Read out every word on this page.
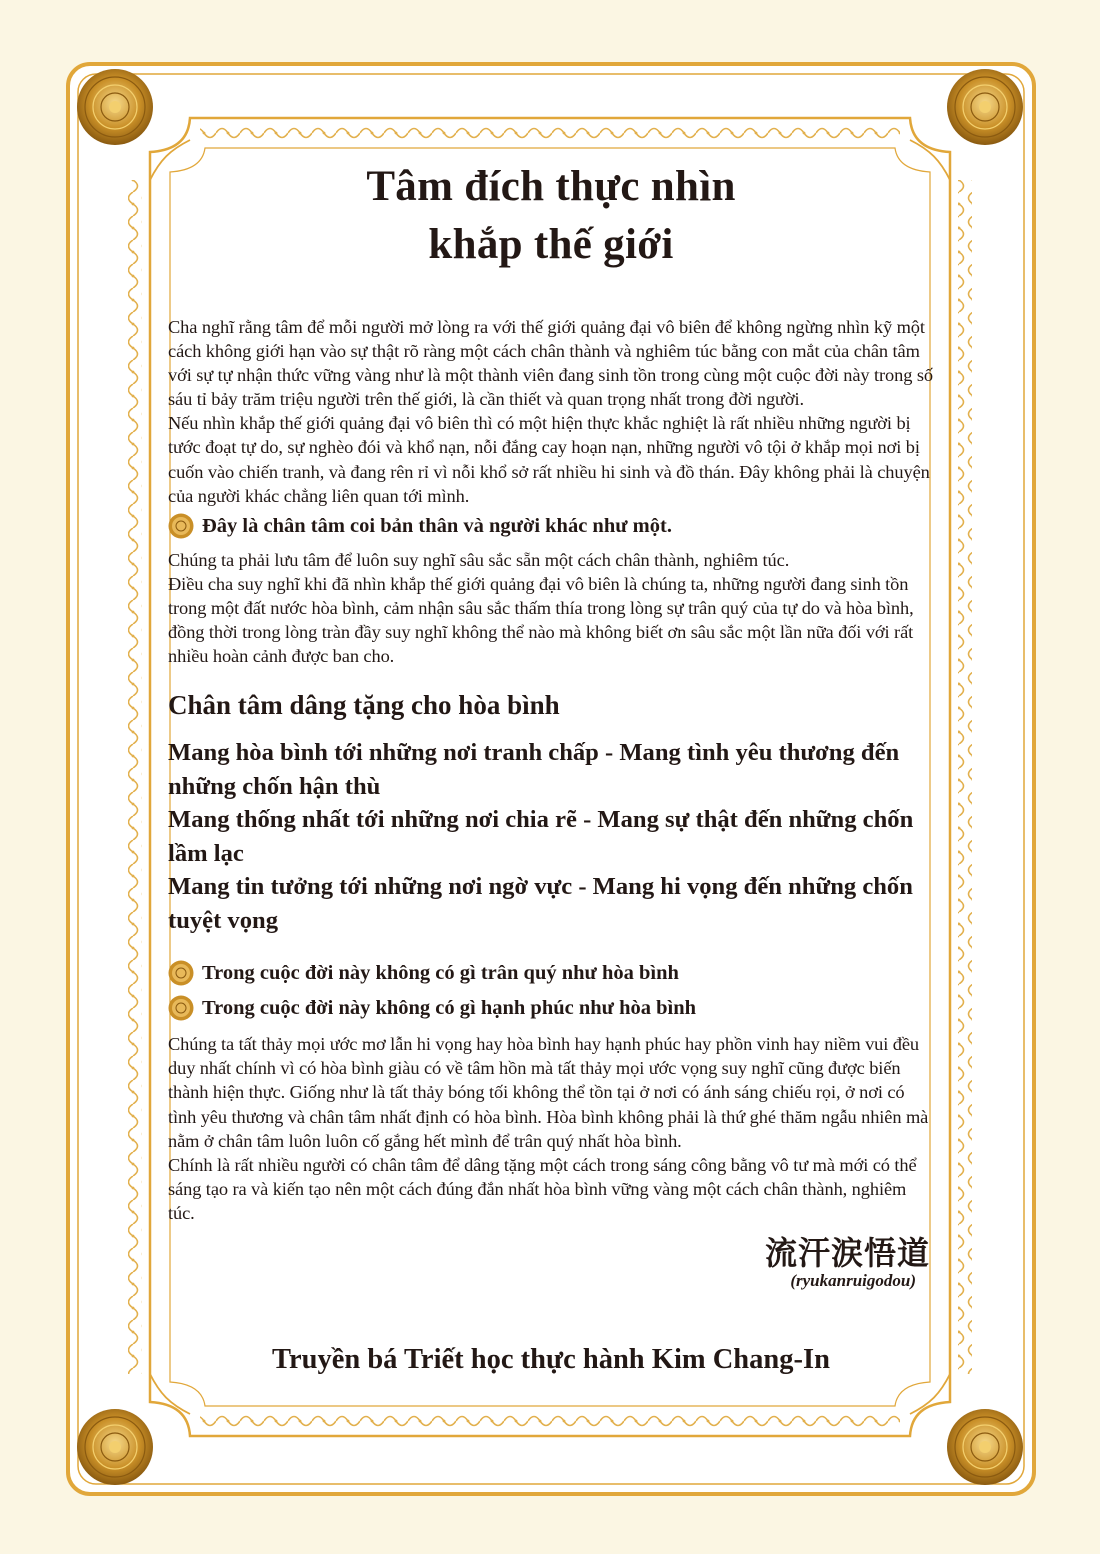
Tâm đích thực nhìn
khắp thế giới

Cha nghĩ rằng tâm để mỗi người mở lòng ra với thế giới quảng đại vô biên để không ngừng nhìn kỹ một cách không giới hạn vào sự thật rõ ràng một cách chân thành và nghiêm túc bằng con mắt của chân tâm với sự tự nhận thức vững vàng như là một thành viên đang sinh tồn trong cùng một cuộc đời này trong số sáu tỉ bảy trăm triệu người trên thế giới, là cần thiết và quan trọng nhất trong đời người.

Nếu nhìn khắp thế giới quảng đại vô biên thì có một hiện thực khắc nghiệt là rất nhiều những người bị tước đoạt tự do, sự nghèo đói và khổ nạn, nỗi đắng cay hoạn nạn, những người vô tội ở khắp mọi nơi bị cuốn vào chiến tranh, và đang rên rỉ vì nỗi khổ sở rất nhiều hi sinh và đồ thán. Đây không phải là chuyện của người khác chẳng liên quan tới mình.

Đây là chân tâm coi bản thân và người khác như một.

Chúng ta phải lưu tâm để luôn suy nghĩ sâu sắc sẵn một cách chân thành, nghiêm túc.

Điều cha suy nghĩ khi đã nhìn khắp thế giới quảng đại vô biên là chúng ta, những người đang sinh tồn trong một đất nước hòa bình, cảm nhận sâu sắc thấm thía trong lòng sự trân quý của tự do và hòa bình, đồng thời trong lòng tràn đầy suy nghĩ không thể nào mà không biết ơn sâu sắc một lần nữa đối với rất nhiều hoàn cảnh được ban cho.

Chân tâm dâng tặng cho hòa bình

Mang hòa bình tới những nơi tranh chấp - Mang tình yêu thương đến những chốn hận thù

Mang thống nhất tới những nơi chia rẽ - Mang sự thật đến những chốn lầm lạc

Mang tin tưởng tới những nơi ngờ vực - Mang hi vọng đến những chốn tuyệt vọng

Trong cuộc đời này không có gì trân quý như hòa bình
Trong cuộc đời này không có gì hạnh phúc như hòa bình

Chúng ta tất thảy mọi ước mơ lẫn hi vọng hay hòa bình hay hạnh phúc hay phồn vinh hay niềm vui đều duy nhất chính vì có hòa bình giàu có về tâm hồn mà tất thảy mọi ước vọng suy nghĩ cũng được biến thành hiện thực. Giống như là tất thảy bóng tối không thể tồn tại ở nơi có ánh sáng chiếu rọi, ở nơi có tình yêu thương và chân tâm nhất định có hòa bình. Hòa bình không phải là thứ ghé thăm ngẫu nhiên mà nằm ở chân tâm luôn luôn cố gắng hết mình để trân quý nhất hòa bình.

Chính là rất nhiều người có chân tâm để dâng tặng một cách trong sáng công bằng vô tư mà mới có thể sáng tạo ra và kiến tạo nên một cách đúng đắn nhất hòa bình vững vàng một cách chân thành, nghiêm túc.

流汗涙悟道
(ryukanruigodou)
Truyền bá Triết học thực hành Kim Chang-In
